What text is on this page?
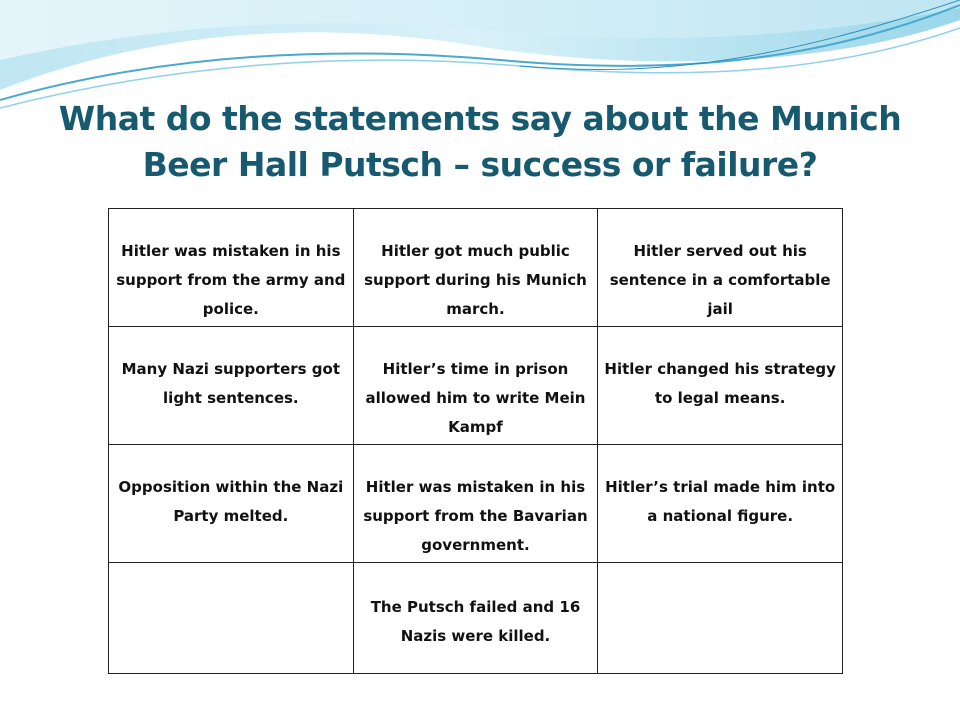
What do the statements say about the Munich
Beer Hall Putsch – success or failure?
Hitler was mistaken in his support from the army and police.	Hitler got much public support during his Munich march.	Hitler served out his sentence in a comfortable jail
Many Nazi supporters got light sentences.	Hitler’s time in prison allowed him to write Mein Kampf	Hitler changed his strategy to legal means.
Opposition within the Nazi Party melted.	Hitler was mistaken in his support from the Bavarian government.	Hitler’s trial made him into a national figure.
	The Putsch failed and 16 Nazis were killed.	
